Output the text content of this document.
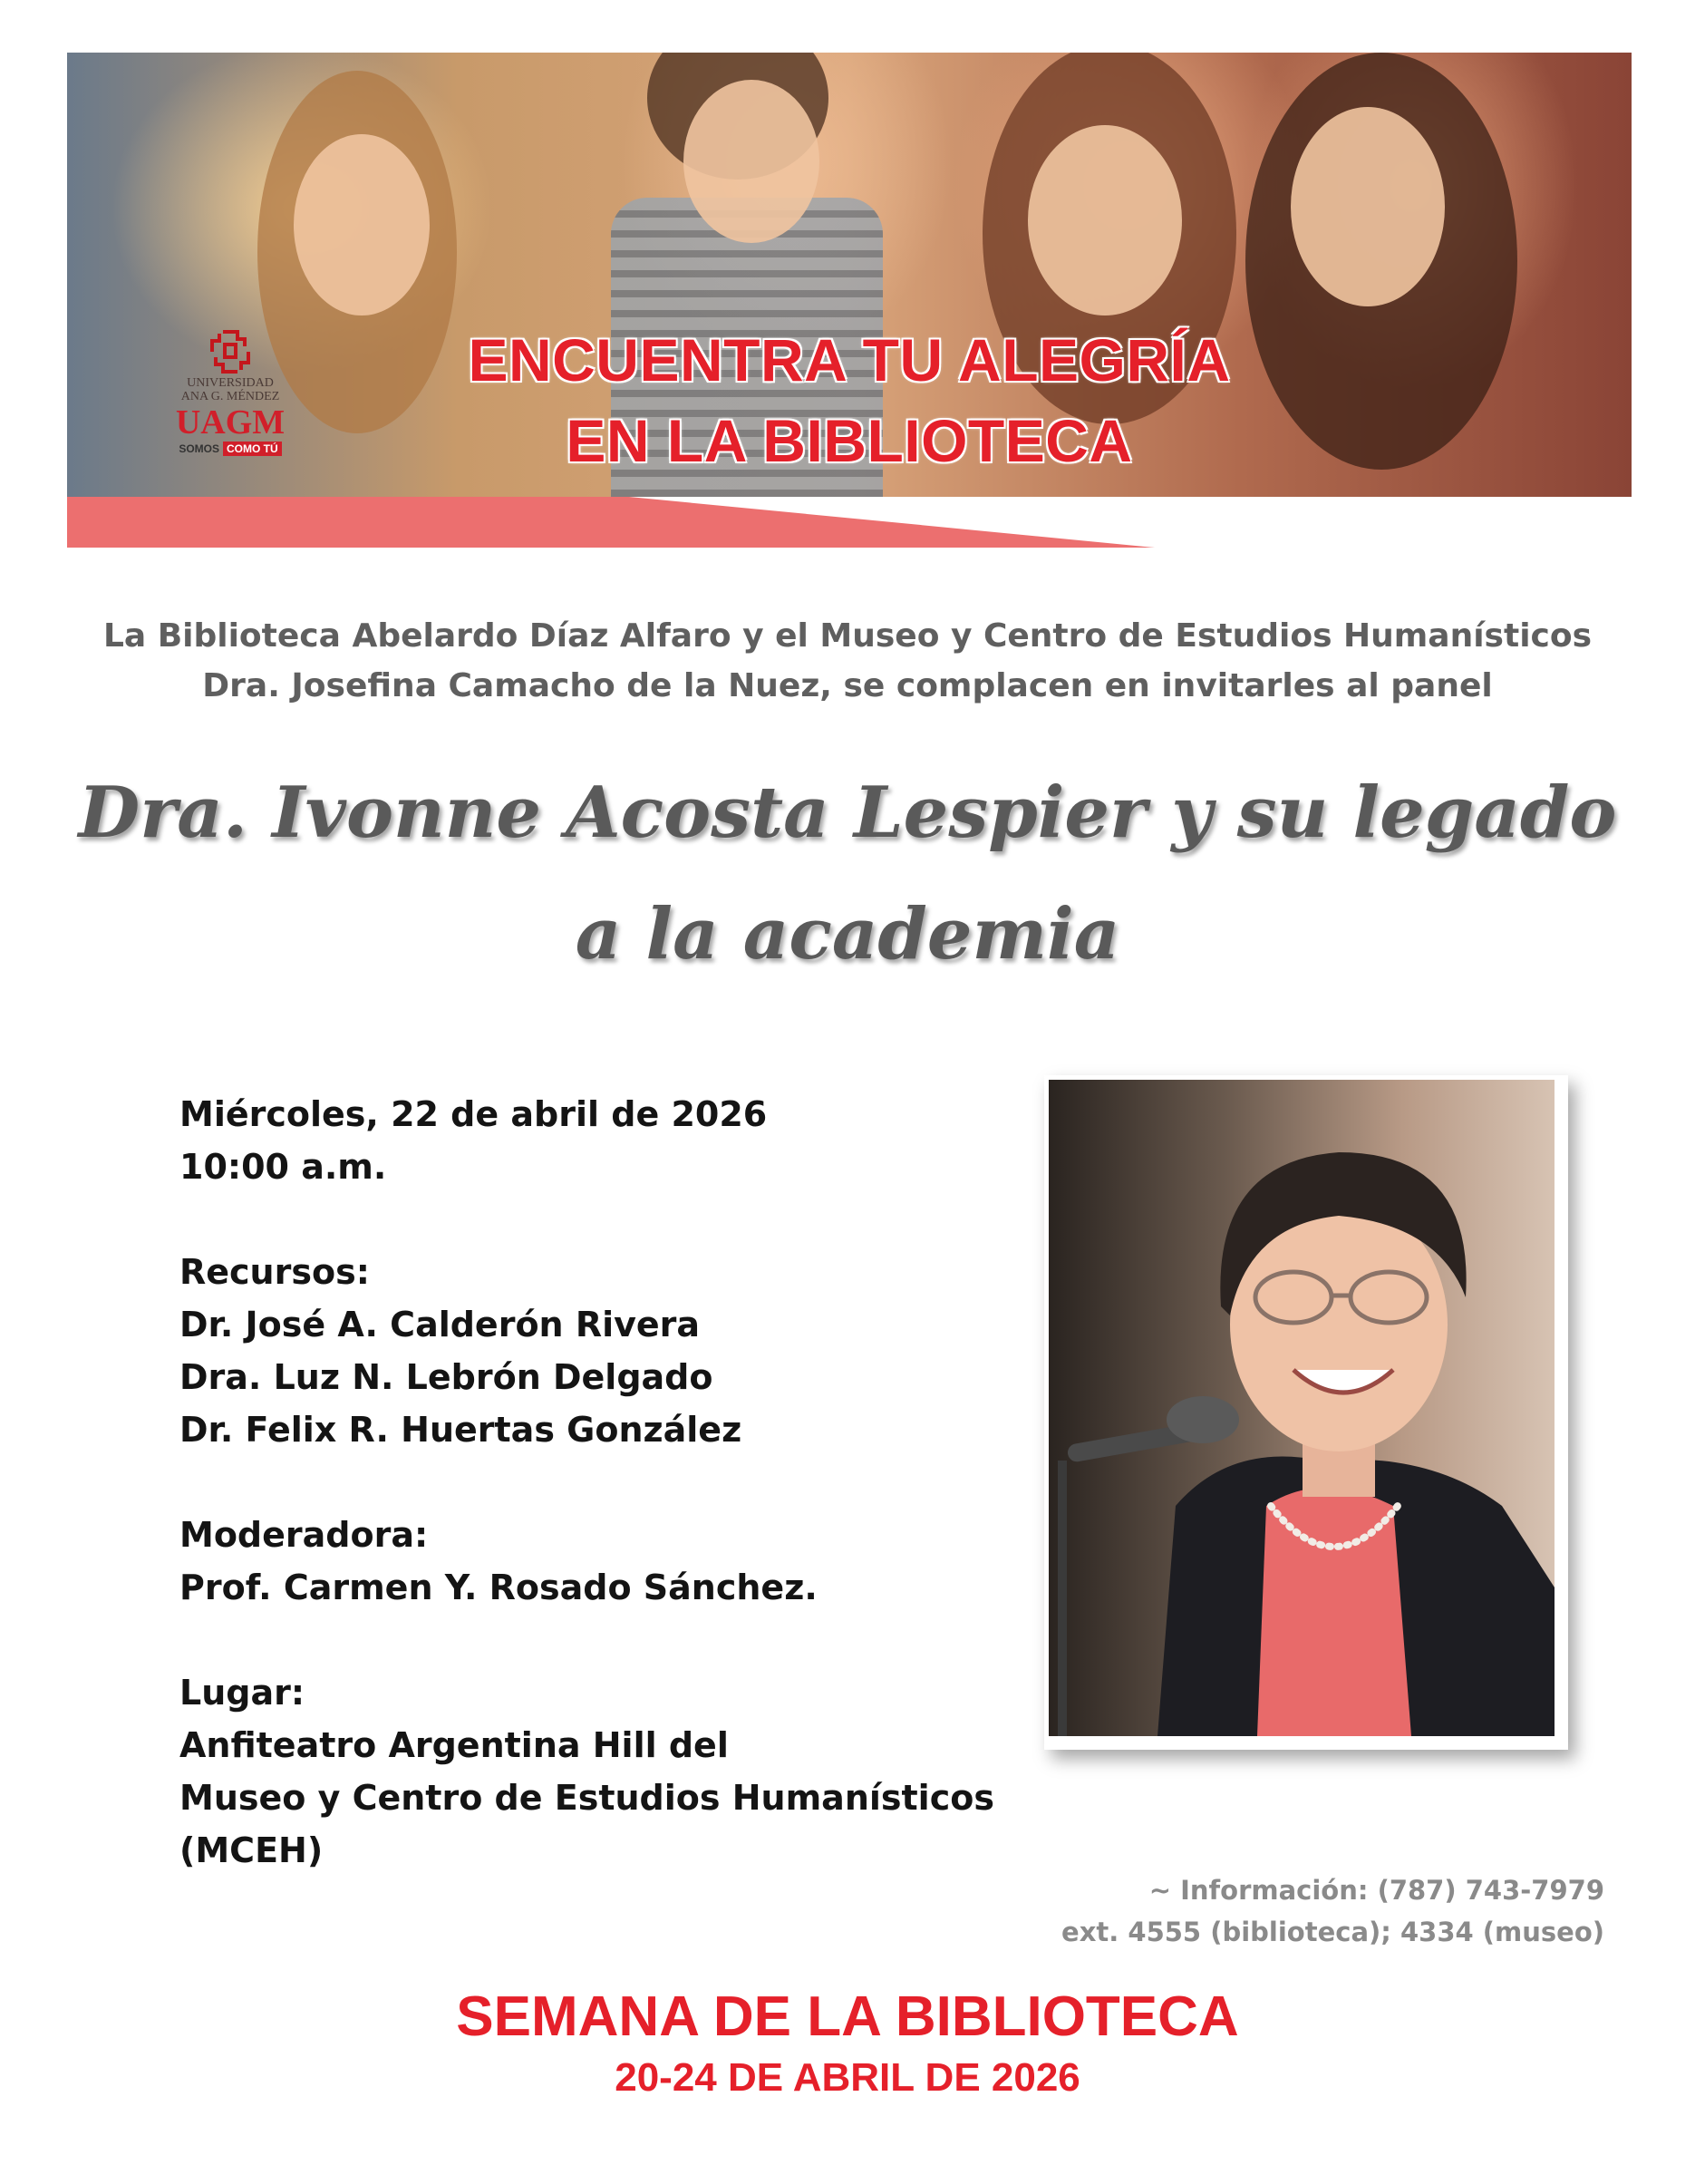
UNIVERSIDAD
ANA G. MÉNDEZ
UAGM
SOMOS COMO TÚ
ENCUENTRA TU ALEGRÍA
EN LA BIBLIOTECA
La Biblioteca Abelardo Díaz Alfaro y el Museo y Centro de Estudios Humanísticos
Dra. Josefina Camacho de la Nuez, se complacen en invitarles al panel
Dra. Ivonne Acosta Lespier y su legado
a la academia
Miércoles, 22 de abril de 2026
10:00 a.m.
Recursos:
Dr. José A. Calderón Rivera
Dra. Luz N. Lebrón Delgado
Dr. Felix R. Huertas González
Moderadora:
Prof. Carmen Y. Rosado Sánchez.
Lugar:
Anfiteatro Argentina Hill del
Museo y Centro de Estudios Humanísticos
(MCEH)
~ Información: (787) 743-7979
ext. 4555 (biblioteca); 4334 (museo)
SEMANA DE LA BIBLIOTECA
20-24 DE ABRIL DE 2026
